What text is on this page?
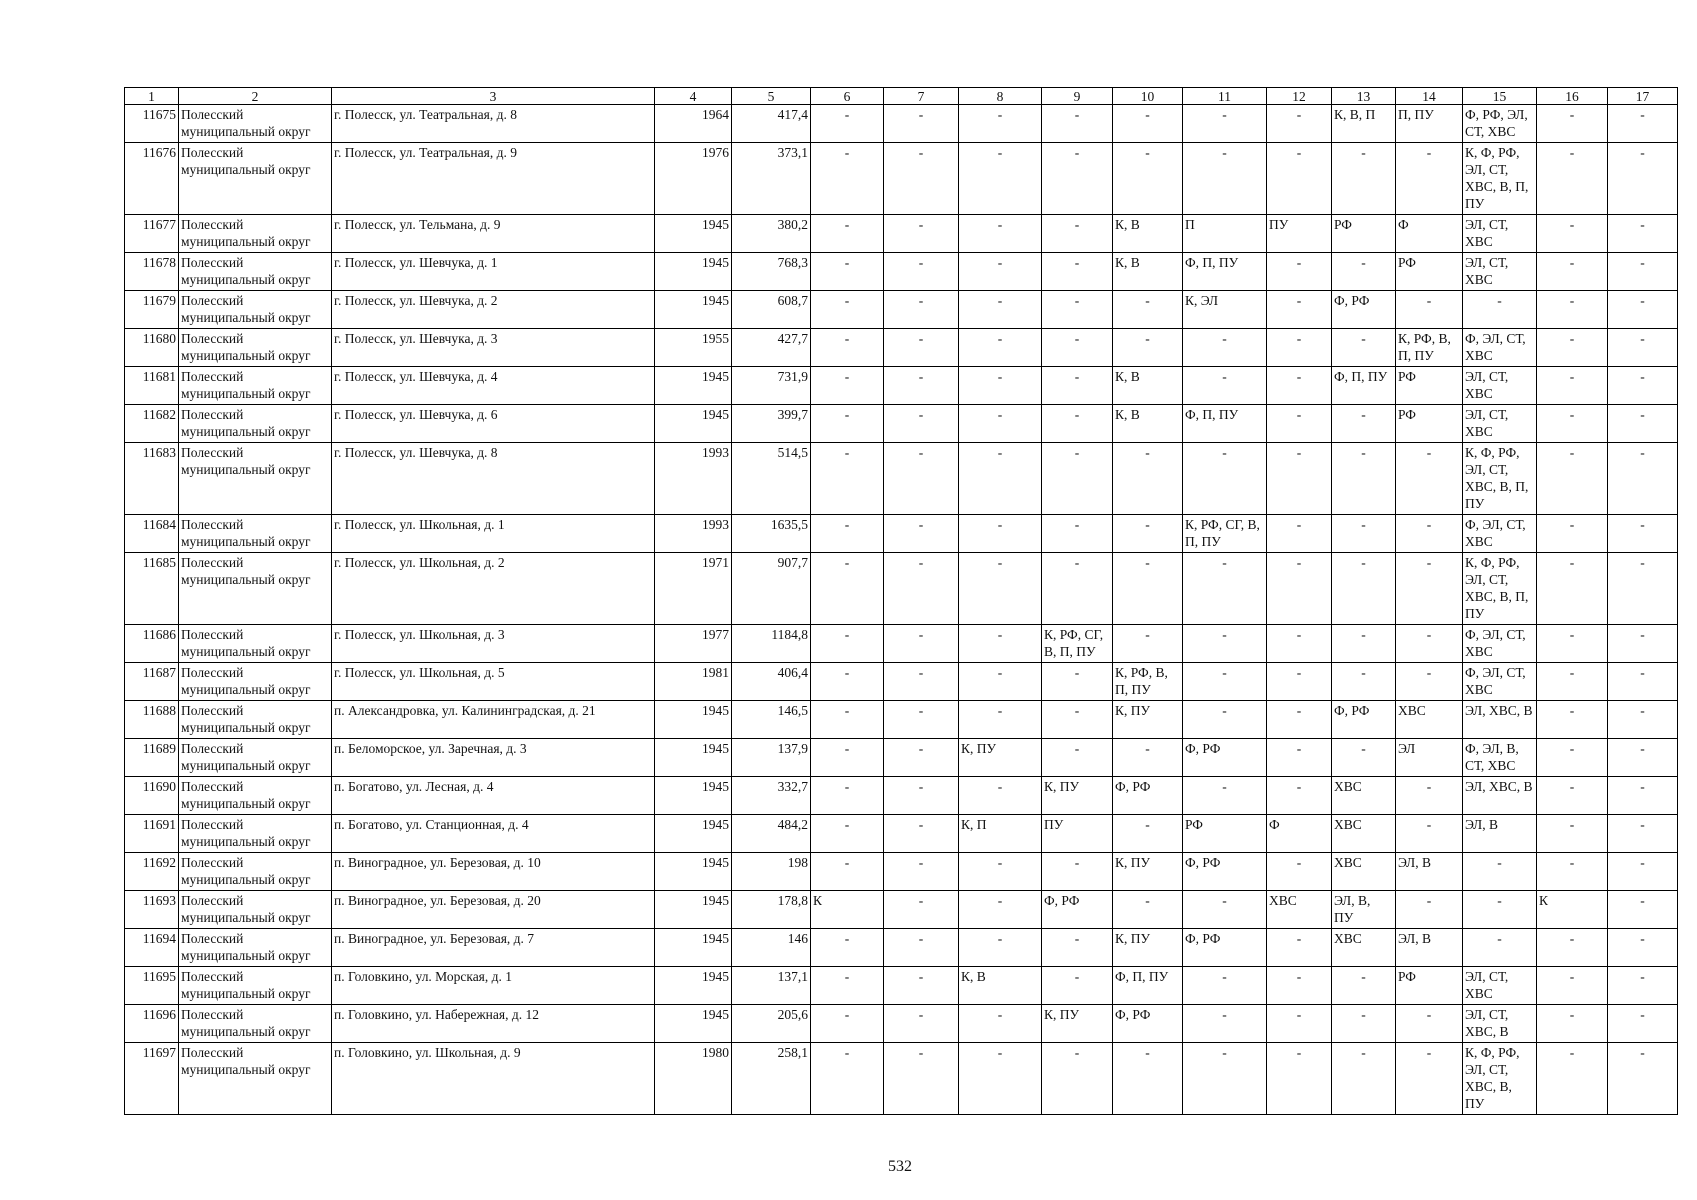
1	2	3	4	5	6	7	8	9	10	11	12	13	14	15	16	17
11675	Полесский муниципальный округ	г. Полесск, ул. Театральная, д. 8	1964	417,4	-	-	-	-	-	-	-	К, В, П	П, ПУ	Ф, РФ, ЭЛ, СТ, ХВС	-	-
11676	Полесский муниципальный округ	г. Полесск, ул. Театральная, д. 9	1976	373,1	-	-	-	-	-	-	-	-	-	К, Ф, РФ, ЭЛ, СТ, ХВС, В, П, ПУ	-	-
11677	Полесский муниципальный округ	г. Полесск, ул. Тельмана, д. 9	1945	380,2	-	-	-	-	К, В	П	ПУ	РФ	Ф	ЭЛ, СТ, ХВС	-	-
11678	Полесский муниципальный округ	г. Полесск, ул. Шевчука, д. 1	1945	768,3	-	-	-	-	К, В	Ф, П, ПУ	-	-	РФ	ЭЛ, СТ, ХВС	-	-
11679	Полесский муниципальный округ	г. Полесск, ул. Шевчука, д. 2	1945	608,7	-	-	-	-	-	К, ЭЛ	-	Ф, РФ	-	-	-	-
11680	Полесский муниципальный округ	г. Полесск, ул. Шевчука, д. 3	1955	427,7	-	-	-	-	-	-	-	-	К, РФ, В, П, ПУ	Ф, ЭЛ, СТ, ХВС	-	-
11681	Полесский муниципальный округ	г. Полесск, ул. Шевчука, д. 4	1945	731,9	-	-	-	-	К, В	-	-	Ф, П, ПУ	РФ	ЭЛ, СТ, ХВС	-	-
11682	Полесский муниципальный округ	г. Полесск, ул. Шевчука, д. 6	1945	399,7	-	-	-	-	К, В	Ф, П, ПУ	-	-	РФ	ЭЛ, СТ, ХВС	-	-
11683	Полесский муниципальный округ	г. Полесск, ул. Шевчука, д. 8	1993	514,5	-	-	-	-	-	-	-	-	-	К, Ф, РФ, ЭЛ, СТ, ХВС, В, П, ПУ	-	-
11684	Полесский муниципальный округ	г. Полесск, ул. Школьная, д. 1	1993	1635,5	-	-	-	-	-	К, РФ, СГ, В, П, ПУ	-	-	-	Ф, ЭЛ, СТ, ХВС	-	-
11685	Полесский муниципальный округ	г. Полесск, ул. Школьная, д. 2	1971	907,7	-	-	-	-	-	-	-	-	-	К, Ф, РФ, ЭЛ, СТ, ХВС, В, П, ПУ	-	-
11686	Полесский муниципальный округ	г. Полесск, ул. Школьная, д. 3	1977	1184,8	-	-	-	К, РФ, СГ, В, П, ПУ	-	-	-	-	-	Ф, ЭЛ, СТ, ХВС	-	-
11687	Полесский муниципальный округ	г. Полесск, ул. Школьная, д. 5	1981	406,4	-	-	-	-	К, РФ, В, П, ПУ	-	-	-	-	Ф, ЭЛ, СТ, ХВС	-	-
11688	Полесский муниципальный округ	п. Александровка, ул. Калининградская, д. 21	1945	146,5	-	-	-	-	К, ПУ	-	-	Ф, РФ	ХВС	ЭЛ, ХВС, В	-	-
11689	Полесский муниципальный округ	п. Беломорское, ул. Заречная, д. 3	1945	137,9	-	-	К, ПУ	-	-	Ф, РФ	-	-	ЭЛ	Ф, ЭЛ, В, СТ, ХВС	-	-
11690	Полесский муниципальный округ	п. Богатово, ул. Лесная, д. 4	1945	332,7	-	-	-	К, ПУ	Ф, РФ	-	-	ХВС	-	ЭЛ, ХВС, В	-	-
11691	Полесский муниципальный округ	п. Богатово, ул. Станционная, д. 4	1945	484,2	-	-	К, П	ПУ	-	РФ	Ф	ХВС	-	ЭЛ, В	-	-
11692	Полесский муниципальный округ	п. Виноградное, ул. Березовая, д. 10	1945	198	-	-	-	-	К, ПУ	Ф, РФ	-	ХВС	ЭЛ, В	-	-	-
11693	Полесский муниципальный округ	п. Виноградное, ул. Березовая, д. 20	1945	178,8	К	-	-	Ф, РФ	-	-	ХВС	ЭЛ, В, ПУ	-	-	К	-
11694	Полесский муниципальный округ	п. Виноградное, ул. Березовая, д. 7	1945	146	-	-	-	-	К, ПУ	Ф, РФ	-	ХВС	ЭЛ, В	-	-	-
11695	Полесский муниципальный округ	п. Головкино, ул. Морская, д. 1	1945	137,1	-	-	К, В	-	Ф, П, ПУ	-	-	-	РФ	ЭЛ, СТ, ХВС	-	-
11696	Полесский муниципальный округ	п. Головкино, ул. Набережная, д. 12	1945	205,6	-	-	-	К, ПУ	Ф, РФ	-	-	-	-	ЭЛ, СТ, ХВС, В	-	-
11697	Полесский муниципальный округ	п. Головкино, ул. Школьная, д. 9	1980	258,1	-	-	-	-	-	-	-	-	-	К, Ф, РФ, ЭЛ, СТ, ХВС, В, ПУ	-	-
532
